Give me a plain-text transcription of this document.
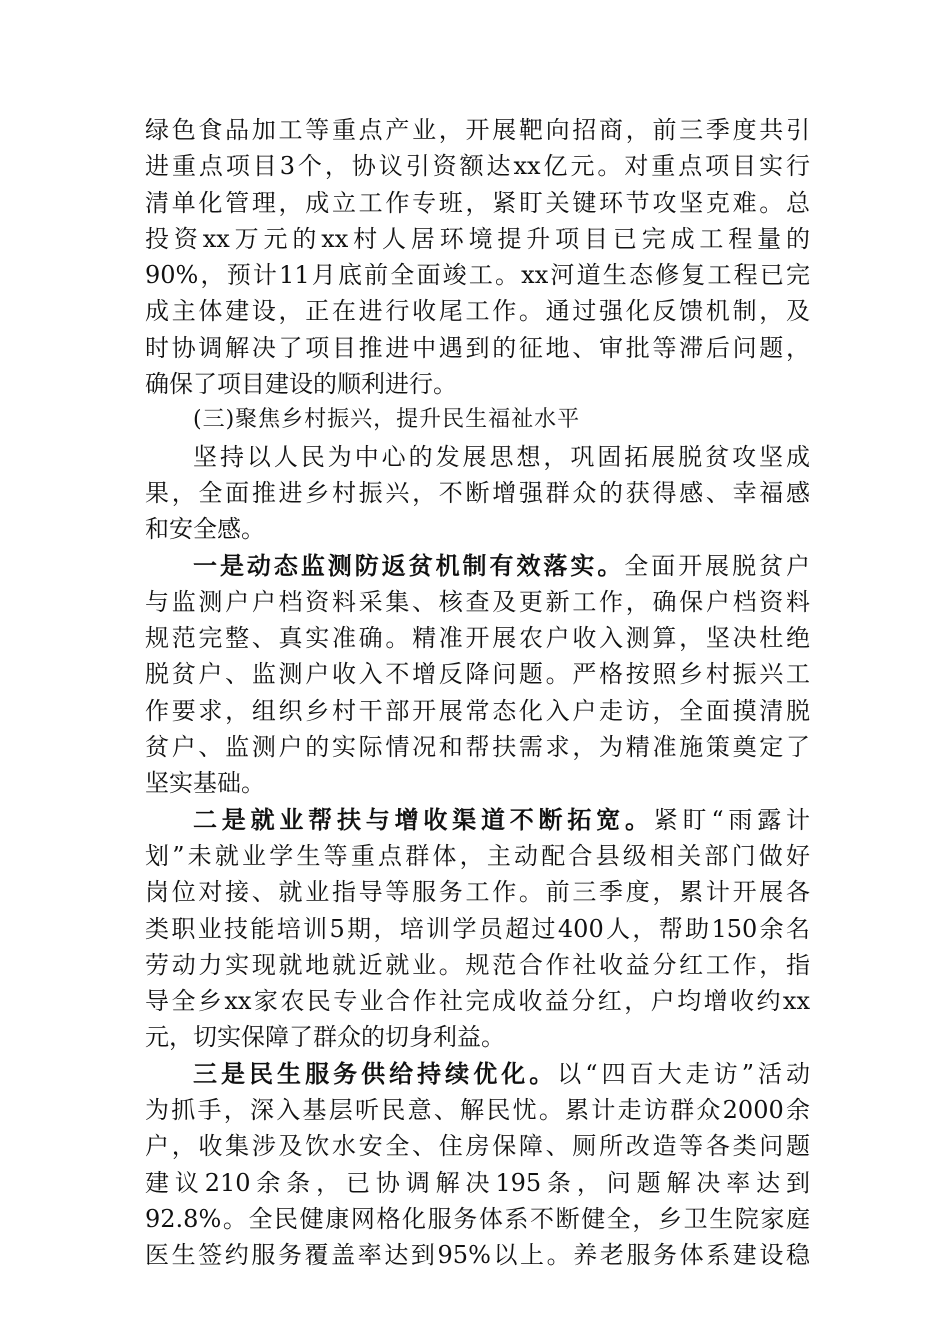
绿色食品加工等重点产业，开展靶向招商，前三季度共引
进重点项目3个，协议引资额达xx亿元。对重点项目实行
清单化管理，成立工作专班，紧盯关键环节攻坚克难。总
投资xx万元的xx村人居环境提升项目已完成工程量的
90%，预计11月底前全面竣工。xx河道生态修复工程已完
成主体建设，正在进行收尾工作。通过强化反馈机制，及
时协调解决了项目推进中遇到的征地、审批等滞后问题，
确保了项目建设的顺利进行。
(三)聚焦乡村振兴，提升民生福祉水平
坚持以人民为中心的发展思想，巩固拓展脱贫攻坚成
果，全面推进乡村振兴，不断增强群众的获得感、幸福感
和安全感。
一是动态监测防返贫机制有效落实。全面开展脱贫户
与监测户户档资料采集、核查及更新工作，确保户档资料
规范完整、真实准确。精准开展农户收入测算，坚决杜绝
脱贫户、监测户收入不增反降问题。严格按照乡村振兴工
作要求，组织乡村干部开展常态化入户走访，全面摸清脱
贫户、监测户的实际情况和帮扶需求，为精准施策奠定了
坚实基础。
二是就业帮扶与增收渠道不断拓宽。紧盯“雨露计
划”未就业学生等重点群体，主动配合县级相关部门做好
岗位对接、就业指导等服务工作。前三季度，累计开展各
类职业技能培训5期，培训学员超过400人，帮助150余名
劳动力实现就地就近就业。规范合作社收益分红工作，指
导全乡xx家农民专业合作社完成收益分红，户均增收约xx
元，切实保障了群众的切身利益。
三是民生服务供给持续优化。以“四百大走访”活动
为抓手，深入基层听民意、解民忧。累计走访群众2000余
户，收集涉及饮水安全、住房保障、厕所改造等各类问题
建议210余条，已协调解决195条，问题解决率达到
92.8%。全民健康网格化服务体系不断健全，乡卫生院家庭
医生签约服务覆盖率达到95%以上。养老服务体系建设稳
